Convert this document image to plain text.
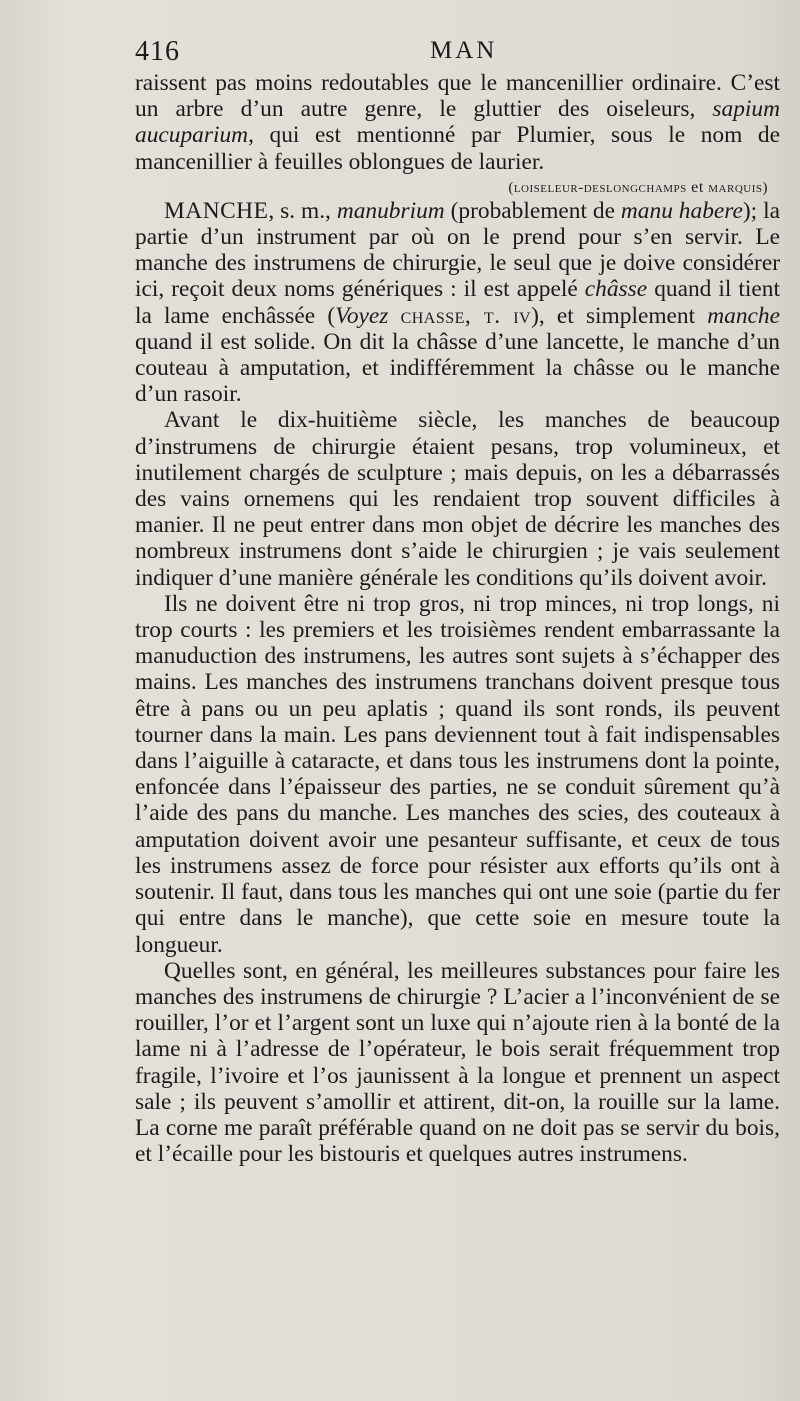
416	MAN

raissent pas moins redoutables que le mancenillier ordinaire. C’est un arbre d’un autre genre, le gluttier des oiseleurs, sapium aucuparium, qui est mentionné par Plumier, sous le nom de mancenillier à feuilles oblongues de laurier.

(loiseleur-deslongchamps et marquis)

MANCHE, s. m., manubrium (probablement de manu habere); la partie d’un instrument par où on le prend pour s’en servir. Le manche des instrumens de chirurgie, le seul que je doive considérer ici, reçoit deux noms génériques : il est appelé châsse quand il tient la lame enchâssée (Voyez chasse, t. iv), et simplement manche quand il est solide. On dit la châsse d’une lancette, le manche d’un couteau à amputation, et indifféremment la châsse ou le manche d’un rasoir.

Avant le dix-huitième siècle, les manches de beaucoup d’instrumens de chirurgie étaient pesans, trop volumineux, et inutilement chargés de sculpture ; mais depuis, on les a débarrassés des vains ornemens qui les rendaient trop souvent difficiles à manier. Il ne peut entrer dans mon objet de décrire les manches des nombreux instrumens dont s’aide le chirurgien ; je vais seulement indiquer d’une manière générale les conditions qu’ils doivent avoir.

Ils ne doivent être ni trop gros, ni trop minces, ni trop longs, ni trop courts : les premiers et les troisièmes rendent embarrassante la manuduction des instrumens, les autres sont sujets à s’échapper des mains. Les manches des instrumens tranchans doivent presque tous être à pans ou un peu aplatis ; quand ils sont ronds, ils peuvent tourner dans la main. Les pans deviennent tout à fait indispensables dans l’aiguille à cataracte, et dans tous les instrumens dont la pointe, enfoncée dans l’épaisseur des parties, ne se conduit sûrement qu’à l’aide des pans du manche. Les manches des scies, des couteaux à amputation doivent avoir une pesanteur suffisante, et ceux de tous les instrumens assez de force pour résister aux efforts qu’ils ont à soutenir. Il faut, dans tous les manches qui ont une soie (partie du fer qui entre dans le manche), que cette soie en mesure toute la longueur.

Quelles sont, en général, les meilleures substances pour faire les manches des instrumens de chirurgie ? L’acier a l’inconvénient de se rouiller, l’or et l’argent sont un luxe qui n’ajoute rien à la bonté de la lame ni à l’adresse de l’opérateur, le bois serait fréquemment trop fragile, l’ivoire et l’os jaunissent à la longue et prennent un aspect sale ; ils peuvent s’amollir et attirent, dit-on, la rouille sur la lame. La corne me paraît préférable quand on ne doit pas se servir du bois, et l’écaille pour les bistouris et quelques autres instrumens.
